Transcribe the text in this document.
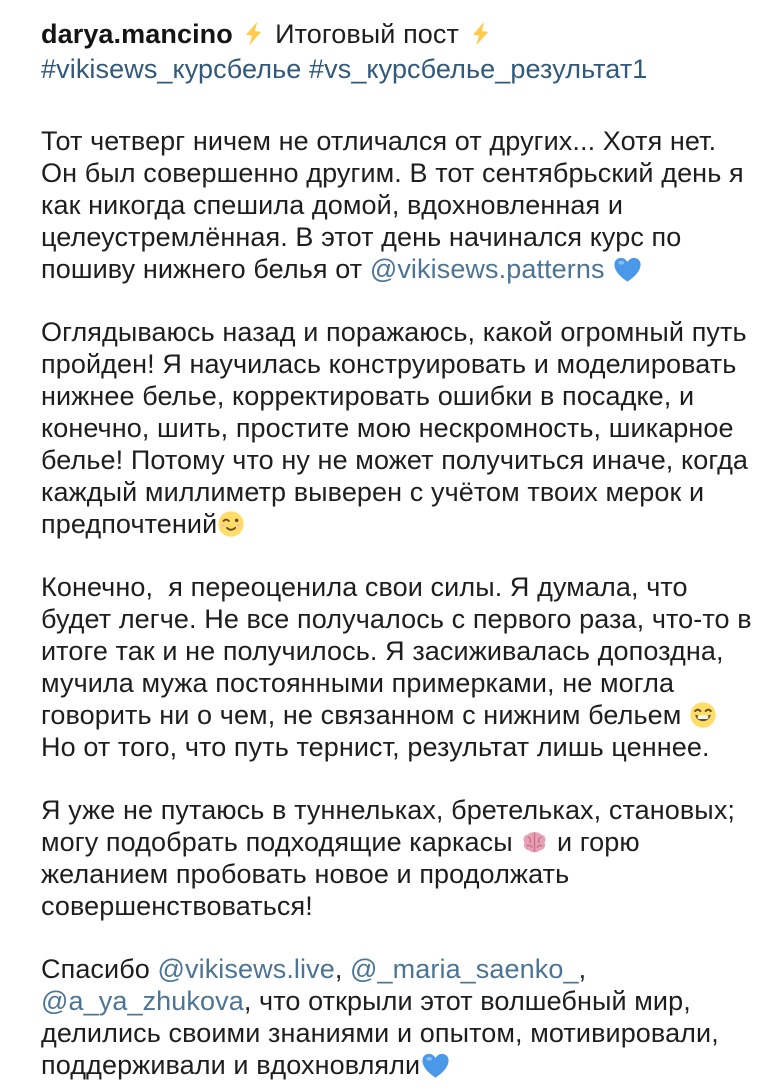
darya.mancino
Итоговый пост
#vikisews_курсбелье #vs_курсбелье_результат1
Тот четверг ничем не отличался от других... Хотя нет.
Он был совершенно другим. В тот сентябрьский день я
как никогда спешила домой, вдохновленная и
целеустремлённая. В этот день начинался курс по
пошиву нижнего белья от @vikisews.patterns
Оглядываюсь назад и поражаюсь, какой огромный путь
пройден! Я научилась конструировать и моделировать
нижнее белье, корректировать ошибки в посадке, и
конечно, шить, простите мою нескромность, шикарное
белье! Потому что ну не может получиться иначе, когда
каждый миллиметр выверен с учётом твоих мерок и
предпочтений
Конечно,  я переоценила свои силы. Я думала, что
будет легче. Не все получалось с первого раза, что-то в
итоге так и не получилось. Я засиживалась допоздна,
мучила мужа постоянными примерками, не могла
говорить ни о чем, не связанном с нижним бельем
Но от того, что путь тернист, результат лишь ценнее.
Я уже не путаюсь в туннельках, бретельках, становых;
могу подобрать подходящие каркасы
и горю
желанием пробовать новое и продолжать
совершенствоваться!
Спасибо @vikisews.live, @_maria_saenko_,
@a_ya_zhukova, что открыли этот волшебный мир,
делились своими знаниями и опытом, мотивировали,
поддерживали и вдохновляли
